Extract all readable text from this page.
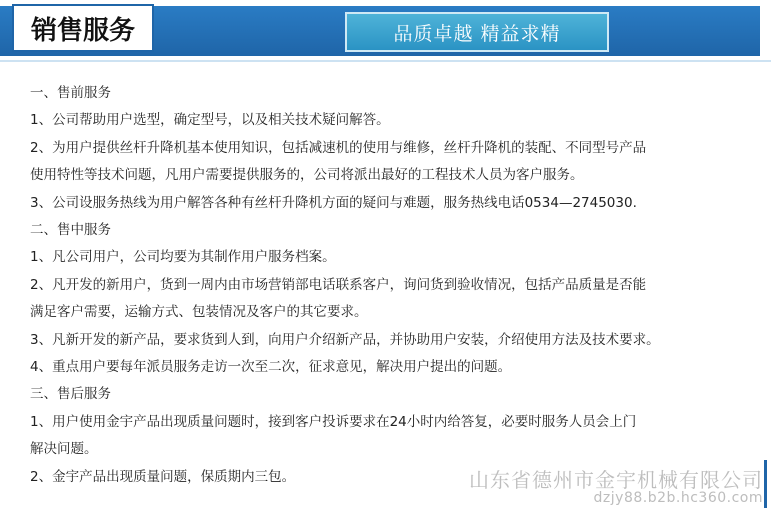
销售服务	品质卓越 精益求精

一、售前服务

1、公司帮助用户选型，确定型号，以及相关技术疑问解答。

2、为用户提供丝杆升降机基本使用知识，包括减速机的使用与维修，丝杆升降机的装配、不同型号产品

使用特性等技术问题，凡用户需要提供服务的，公司将派出最好的工程技术人员为客户服务。

3、公司设服务热线为用户解答各种有丝杆升降机方面的疑问与难题，服务热线电话0534—2745030.

二、售中服务

1、凡公司用户，公司均要为其制作用户服务档案。

2、凡开发的新用户，货到一周内由市场营销部电话联系客户，询问货到验收情况，包括产品质量是否能

满足客户需要，运输方式、包装情况及客户的其它要求。

3、凡新开发的新产品，要求货到人到，向用户介绍新产品，并协助用户安装，介绍使用方法及技术要求。

4、重点用户要每年派员服务走访一次至二次，征求意见，解决用户提出的问题。

三、售后服务

1、用户使用金宇产品出现质量问题时，接到客户投诉要求在24小时内给答复，必要时服务人员会上门

解决问题。

2、金宇产品出现质量问题，保质期内三包。	山东省德州市金宇机械有限公司
dzjy88.b2b.hc360.com
